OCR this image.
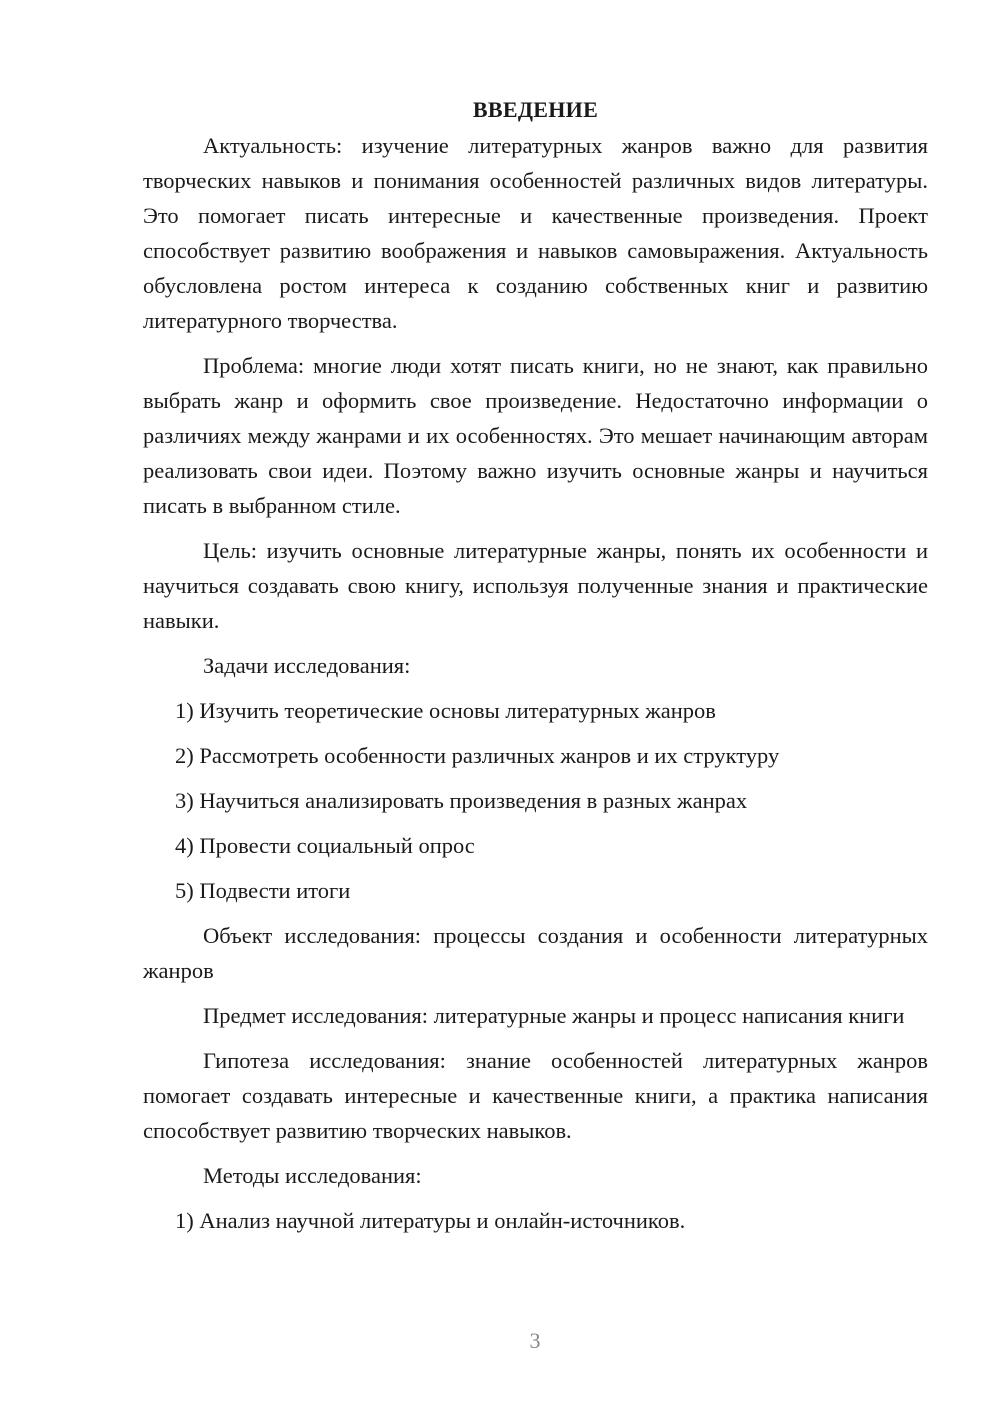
ВВЕДЕНИЕ

Актуальность: изучение литературных жанров важно для развития творческих навыков и понимания особенностей различных видов литературы. Это помогает писать интересные и качественные произведения. Проект способствует развитию воображения и навыков самовыражения. Актуальность обусловлена ростом интереса к созданию собственных книг и развитию литературного творчества.

Проблема: многие люди хотят писать книги, но не знают, как правильно выбрать жанр и оформить свое произведение. Недостаточно информации о различиях между жанрами и их особенностях. Это мешает начинающим авторам реализовать свои идеи. Поэтому важно изучить основные жанры и научиться писать в выбранном стиле.

Цель: изучить основные литературные жанры, понять их особенности и научиться создавать свою книгу, используя полученные знания и практические навыки.

Задачи исследования:

1) Изучить теоретические основы литературных жанров
2) Рассмотреть особенности различных жанров и их структуру
3) Научиться анализировать произведения в разных жанрах
4) Провести социальный опрос
5) Подвести итоги

Объект исследования: процессы создания и особенности литературных жанров

Предмет исследования: литературные жанры и процесс написания книги

Гипотеза исследования: знание особенностей литературных жанров помогает создавать интересные и качественные книги, а практика написания способствует развитию творческих навыков.

Методы исследования:

1) Анализ научной литературы и онлайн-источников.
3
